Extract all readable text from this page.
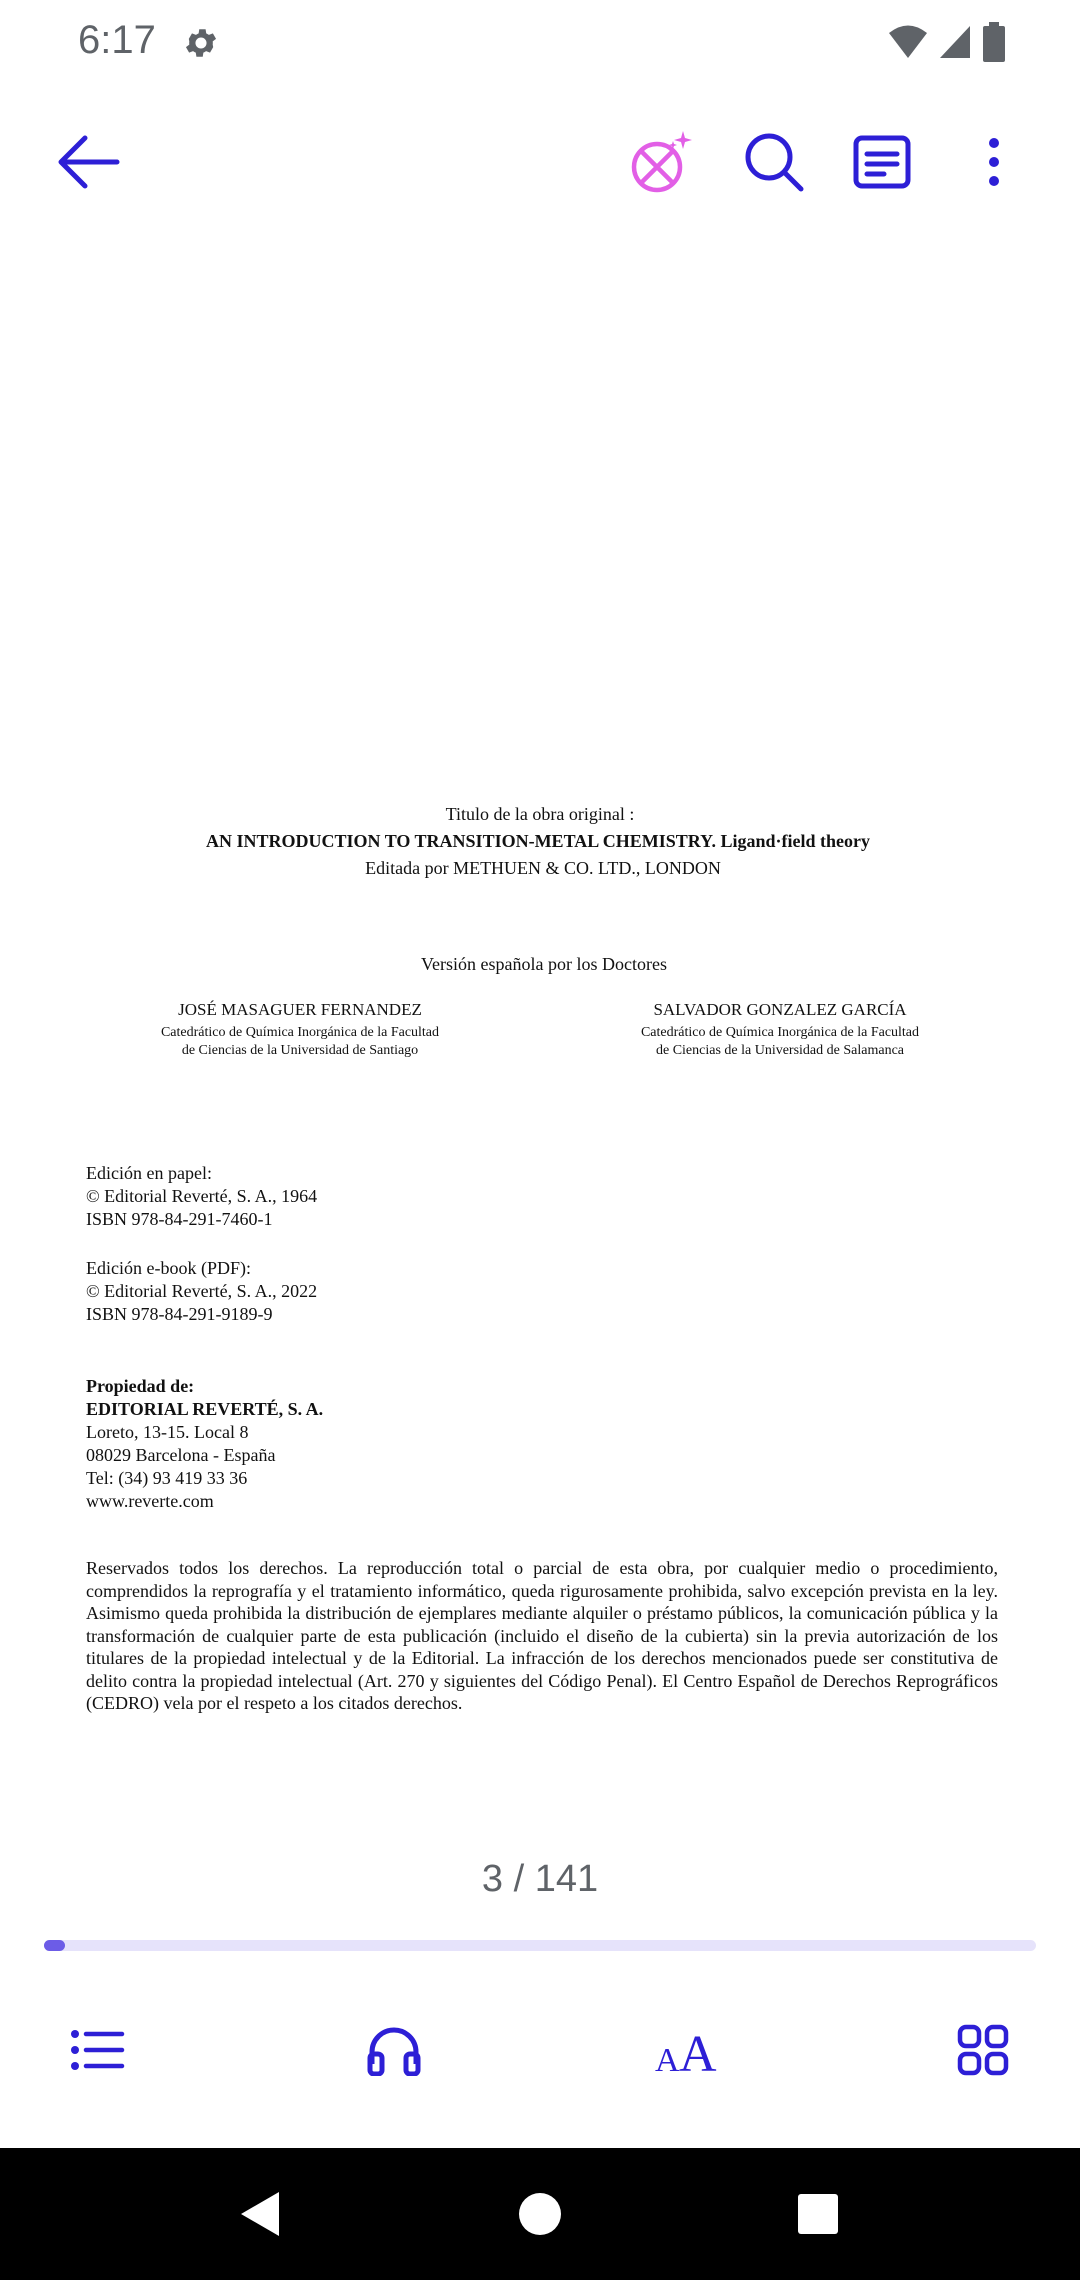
6:17
Titulo de la obra original :
AN INTRODUCTION TO TRANSITION-METAL CHEMISTRY. Ligand·field theory
Editada por METHUEN & CO. LTD., LONDON
Versión española por los Doctores
JOSÉ MASAGUER FERNANDEZ
Catedrático de Química Inorgánica de la Facultad
de Ciencias de la Universidad de Santiago
SALVADOR GONZALEZ GARCÍA
Catedrático de Química Inorgánica de la Facultad
de Ciencias de la Universidad de Salamanca
Edición en papel:
© Editorial Reverté, S. A., 1964
ISBN 978-84-291-7460-1
Edición e-book (PDF):
© Editorial Reverté, S. A., 2022
ISBN 978-84-291-9189-9
Propiedad de:
EDITORIAL REVERTÉ, S. A.
Loreto, 13-15. Local 8
08029 Barcelona - España
Tel: (34) 93 419 33 36
www.reverte.com
Reservados todos los derechos. La reproducción total o parcial de esta obra, por cualquier medio o procedimiento, comprendidos la reprografía y el tratamiento informático, queda rigurosamente prohibida, salvo excepción prevista en la ley. Asimismo queda prohibida la distribución de ejemplares mediante alquiler o préstamo públicos, la comunicación pública y la transformación de cualquier parte de esta publicación (incluido el diseño de la cubierta) sin la previa autorización de los titulares de la propiedad intelectual y de la Editorial. La infracción de los derechos mencionados puede ser constitutiva de delito contra la propiedad intelectual (Art. 270 y siguientes del Código Penal). El Centro Español de Derechos Reprográficos (CEDRO) vela por el respeto a los citados derechos.
3 / 141
A A
